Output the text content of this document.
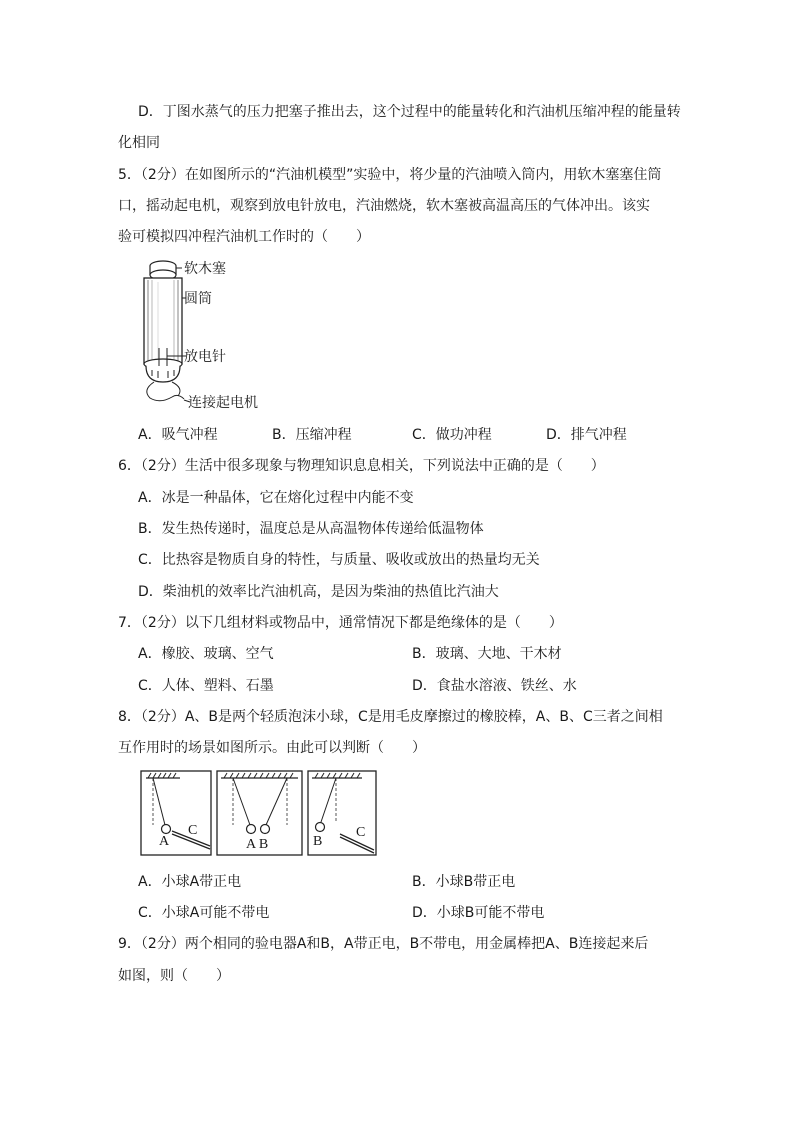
D．丁图水蒸气的压力把塞子推出去，这个过程中的能量转化和汽油机压缩冲程的能量转
化相同
5．（2分）在如图所示的“汽油机模型”实验中，将少量的汽油喷入筒内，用软木塞塞住筒
口，摇动起电机，观察到放电针放电，汽油燃烧，软木塞被高温高压的气体冲出。该实
验可模拟四冲程汽油机工作时的（　　）
软木塞
圆筒
放电针
连接起电机
A．吸气冲程	B．压缩冲程	C．做功冲程	D．排气冲程
6．（2分）生活中很多现象与物理知识息息相关，下列说法中正确的是（　　）
A．冰是一种晶体，它在熔化过程中内能不变
B．发生热传递时，温度总是从高温物体传递给低温物体
C．比热容是物质自身的特性，与质量、吸收或放出的热量均无关
D．柴油机的效率比汽油机高，是因为柴油的热值比汽油大
7．（2分）以下几组材料或物品中，通常情况下都是绝缘体的是（　　）
A．橡胶、玻璃、空气	B．玻璃、大地、干木材
C．人体、塑料、石墨	D．食盐水溶液、铁丝、水
8．（2分）A、B是两个轻质泡沫小球，C是用毛皮摩擦过的橡胶棒，A、B、C三者之间相
互作用时的场景如图所示。由此可以判断（　　）
A
C
A B	B
C
A．小球A带正电	B．小球B带正电
C．小球A可能不带电	D．小球B可能不带电
9．（2分）两个相同的验电器A和B，A带正电，B不带电，用金属棒把A、B连接起来后
如图，则（　　）
